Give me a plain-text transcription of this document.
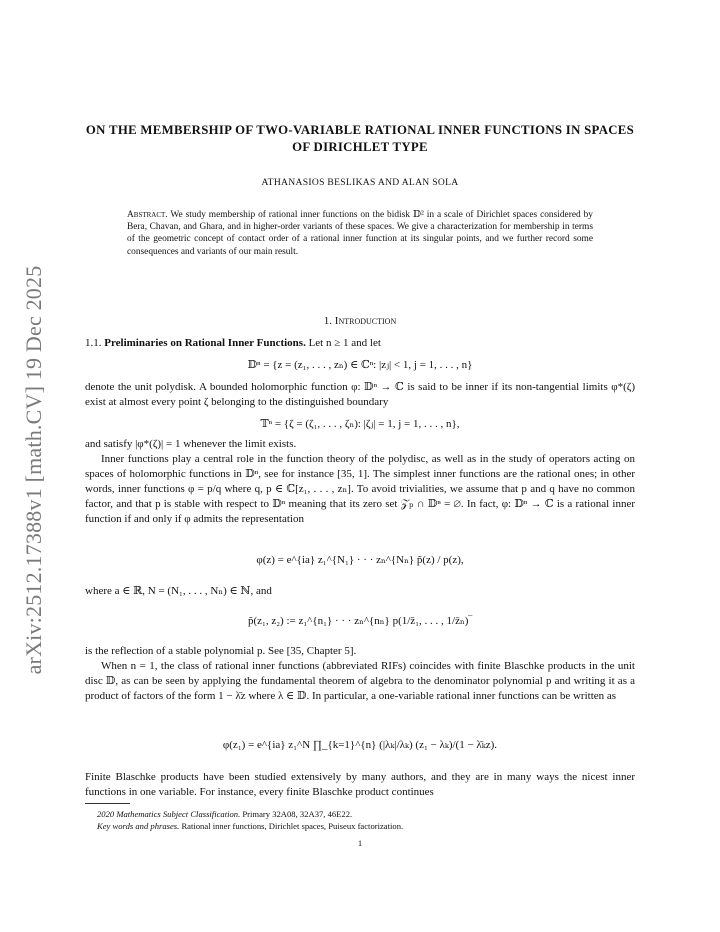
arXiv:2512.17388v1 [math.CV] 19 Dec 2025
ON THE MEMBERSHIP OF TWO-VARIABLE RATIONAL INNER FUNCTIONS IN SPACES OF DIRICHLET TYPE
ATHANASIOS BESLIKAS AND ALAN SOLA
Abstract. We study membership of rational inner functions on the bidisk 𝔻² in a scale of Dirichlet spaces considered by Bera, Chavan, and Ghara, and in higher-order variants of these spaces. We give a characterization for membership in terms of the geometric concept of contact order of a rational inner function at its singular points, and we further record some consequences and variants of our main result.
1. Introduction
1.1. Preliminaries on Rational Inner Functions. Let n ≥ 1 and let
𝔻ⁿ = {z = (z₁, . . . , zₙ) ∈ ℂⁿ: |zⱼ| < 1, j = 1, . . . , n}

denote the unit polydisk. A bounded holomorphic function φ: 𝔻ⁿ → ℂ is said to be inner if its non-tangential limits φ*(ζ) exist at almost every point ζ belonging to the distinguished boundary

𝕋ⁿ = {ζ = (ζ₁, . . . , ζₙ): |ζⱼ| = 1, j = 1, . . . , n},

and satisfy |φ*(ζ)| = 1 whenever the limit exists.

Inner functions play a central role in the function theory of the polydisc, as well as in the study of operators acting on spaces of holomorphic functions in 𝔻ⁿ, see for instance [35, 1]. The simplest inner functions are the rational ones; in other words, inner functions φ = p/q where q, p ∈ ℂ[z₁, . . . , zₙ]. To avoid trivialities, we assume that p and q have no common factor, and that p is stable with respect to 𝔻ⁿ meaning that its zero set 𝒵ₚ ∩ 𝔻ⁿ = ∅. In fact, φ: 𝔻ⁿ → ℂ is a rational inner function if and only if φ admits the representation

φ(z) = e^{ia} z₁^{N₁} · · · zₙ^{Nₙ} p̃(z) / p(z),

where a ∈ ℝ, N = (N₁, . . . , Nₙ) ∈ ℕ, and

p̃(z₁, z₂) := z₁^{n₁} · · · zₙ^{nₙ} p(1/z̄₁, . . . , 1/z̄ₙ)‾

is the reflection of a stable polynomial p. See [35, Chapter 5].

When n = 1, the class of rational inner functions (abbreviated RIFs) coincides with finite Blaschke products in the unit disc 𝔻, as can be seen by applying the fundamental theorem of algebra to the denominator polynomial p and writing it as a product of factors of the form 1 − λ̄z where λ ∈ 𝔻. In particular, a one-variable rational inner functions can be written as

φ(z₁) = e^{ia} z₁^N ∏_{k=1}^{n} (|λₖ|/λₖ) (z₁ − λₖ)/(1 − λ̄ₖz).

Finite Blaschke products have been studied extensively by many authors, and they are in many ways the nicest inner functions in one variable. For instance, every finite Blaschke product continues

2020 Mathematics Subject Classification. Primary 32A08, 32A37, 46E22.

Key words and phrases. Rational inner functions, Dirichlet spaces, Puiseux factorization.

1
